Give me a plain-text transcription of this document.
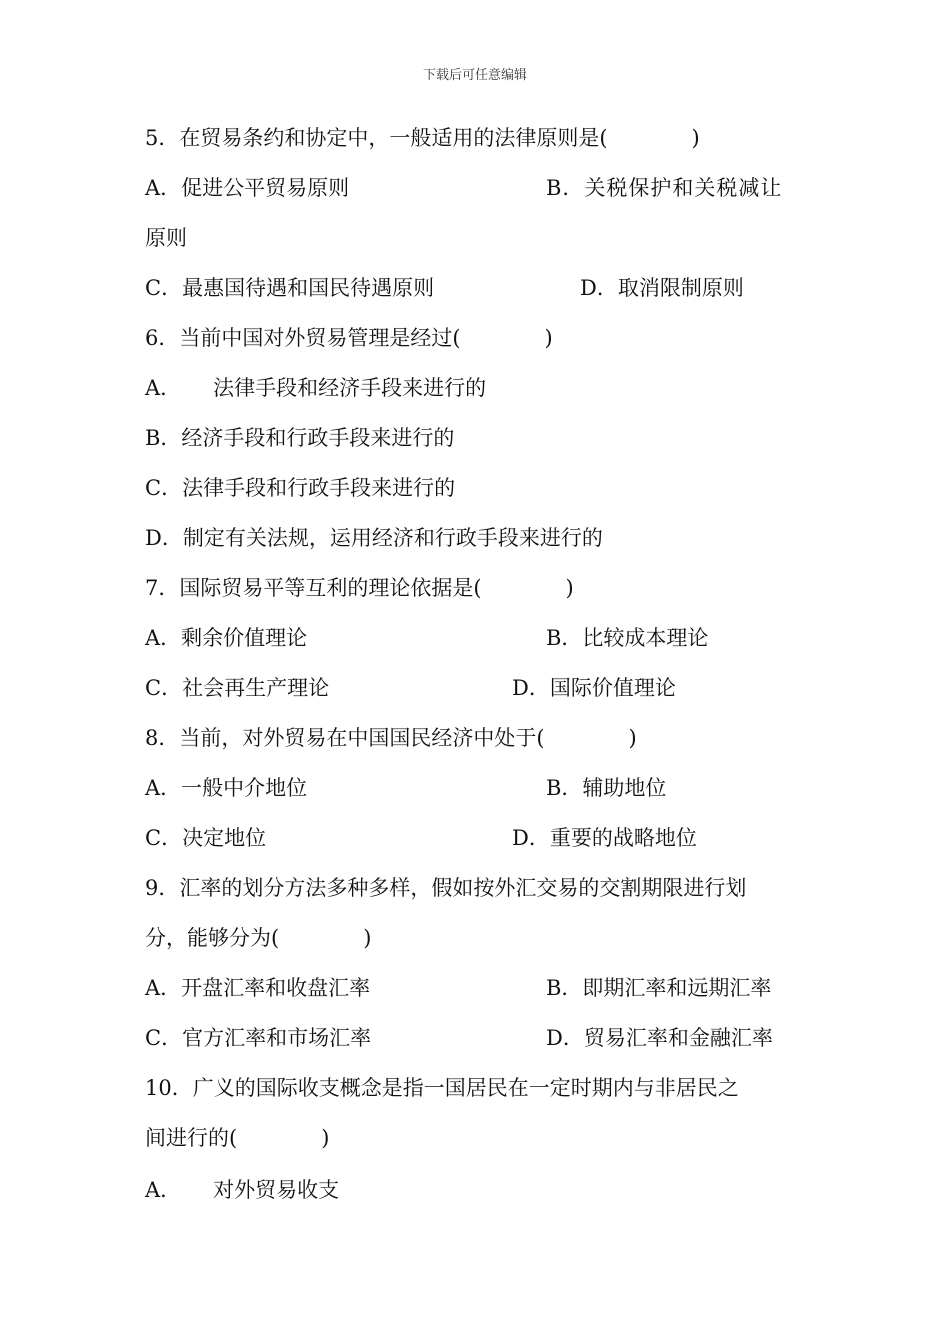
下载后可任意编辑
5．在贸易条约和协定中，一般适用的法律原则是(　　　　)
A．促进公平贸易原则	B．关税保护和关税减让
原则
C．最惠国待遇和国民待遇原则	D．取消限制原则
6．当前中国对外贸易管理是经过(　　　　)
A． 法律手段和经济手段来进行的
B．经济手段和行政手段来进行的
C．法律手段和行政手段来进行的
D．制定有关法规，运用经济和行政手段来进行的
7．国际贸易平等互利的理论依据是(　　　　)
A．剩余价值理论	B．比较成本理论
C．社会再生产理论	D．国际价值理论
8．当前，对外贸易在中国国民经济中处于(　　　　)
A．一般中介地位	B．辅助地位
C．决定地位	D．重要的战略地位
9．汇率的划分方法多种多样，假如按外汇交易的交割期限进行划
分，能够分为(　　　　)
A．开盘汇率和收盘汇率	B．即期汇率和远期汇率
C．官方汇率和市场汇率	D．贸易汇率和金融汇率
10．广义的国际收支概念是指一国居民在一定时期内与非居民之
间进行的(　　　　)
A． 对外贸易收支
